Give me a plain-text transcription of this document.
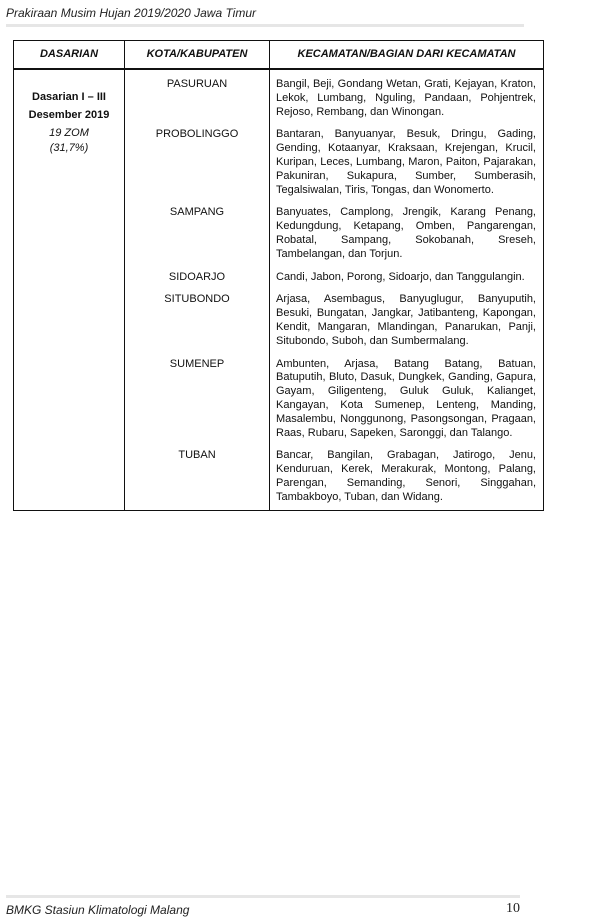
Prakiraan Musim Hujan 2019/2020 Jawa Timur
DASARIAN	KOTA/KABUPATEN	KECAMATAN/BAGIAN DARI KECAMATAN

Dasarian I – III
Desember 2019
19 ZOM
(31,7%)	PASURUAN	Bangil, Beji, Gondang Wetan, Grati, Kejayan, Kraton, Lekok, Lumbang, Nguling, Pandaan, Pohjentrek, Rejoso, Rembang, dan Winongan.

	PROBOLINGGO	Bantaran, Banyuanyar, Besuk, Dringu, Gading, Gending, Kotaanyar, Kraksaan, Krejengan, Krucil, Kuripan, Leces, Lumbang, Maron, Paiton, Pajarakan, Pakuniran, Sukapura, Sumber, Sumberasih, Tegalsiwalan, Tiris, Tongas, dan Wonomerto.

	SAMPANG	Banyuates, Camplong, Jrengik, Karang Penang, Kedungdung, Ketapang, Omben, Pangarengan, Robatal, Sampang, Sokobanah, Sreseh, Tambelangan, dan Torjun.

	SIDOARJO	Candi, Jabon, Porong, Sidoarjo, dan Tanggulangin.

	SITUBONDO	Arjasa, Asembagus, Banyuglugur, Banyuputih, Besuki, Bungatan, Jangkar, Jatibanteng, Kapongan, Kendit, Mangaran, Mlandingan, Panarukan, Panji, Situbondo, Suboh, dan Sumbermalang.

	SUMENEP	Ambunten, Arjasa, Batang Batang, Batuan, Batuputih, Bluto, Dasuk, Dungkek, Ganding, Gapura, Gayam, Giligenteng, Guluk Guluk, Kalianget, Kangayan, Kota Sumenep, Lenteng, Manding, Masalembu, Nonggunong, Pasongsongan, Pragaan, Raas, Rubaru, Sapeken, Saronggi, dan Talango.

	TUBAN	Bancar, Bangilan, Grabagan, Jatirogo, Jenu, Kenduruan, Kerek, Merakurak, Montong, Palang, Parengan, Semanding, Senori, Singgahan, Tambakboyo, Tuban, dan Widang.
BMKG Stasiun Klimatologi Malang	10
